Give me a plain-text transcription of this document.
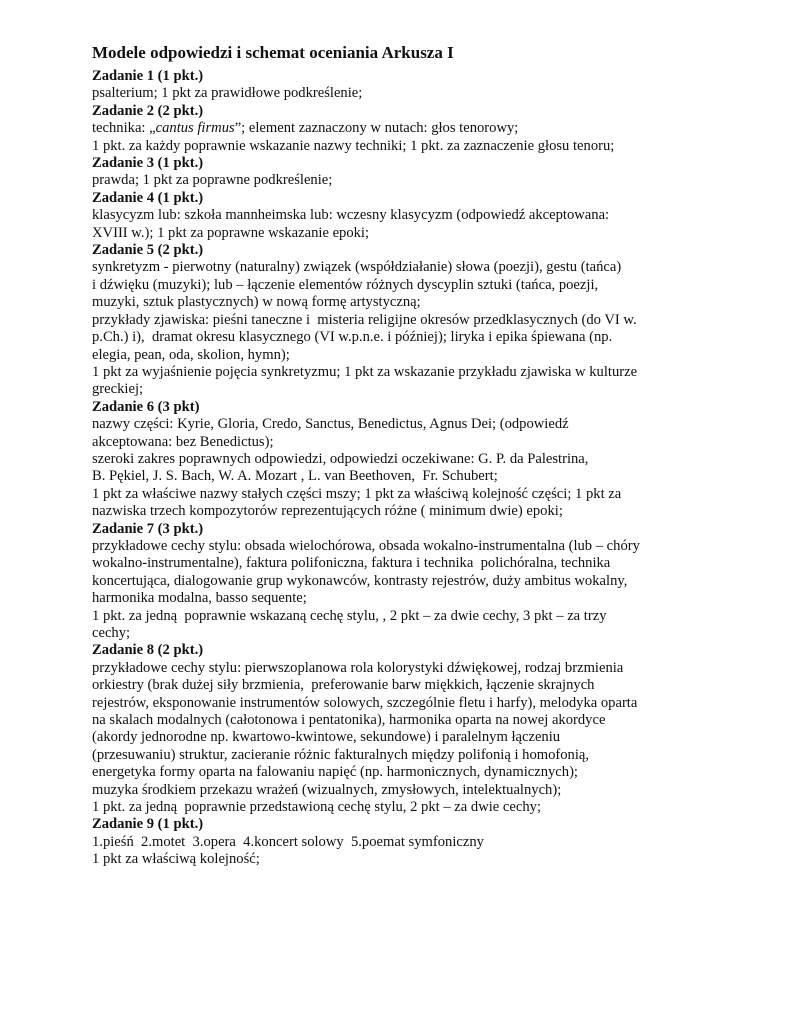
Modele odpowiedzi i schemat oceniania Arkusza I
Zadanie 1 (1 pkt.)
psalterium; 1 pkt za prawidłowe podkreślenie;
Zadanie 2 (2 pkt.)
technika: „cantus firmus”; element zaznaczony w nutach: głos tenorowy;
1 pkt. za każdy poprawnie wskazanie nazwy techniki; 1 pkt. za zaznaczenie głosu tenoru;
Zadanie 3 (1 pkt.)
prawda; 1 pkt za poprawne podkreślenie;
Zadanie 4 (1 pkt.)
klasycyzm lub: szkoła mannheimska lub: wczesny klasycyzm (odpowiedź akceptowana:
XVIII w.); 1 pkt za poprawne wskazanie epoki;
Zadanie 5 (2 pkt.)
synkretyzm - pierwotny (naturalny) związek (współdziałanie) słowa (poezji), gestu (tańca)
i dźwięku (muzyki); lub – łączenie elementów różnych dyscyplin sztuki (tańca, poezji,
muzyki, sztuk plastycznych) w nową formę artystyczną;
przykłady zjawiska: pieśni taneczne i  misteria religijne okresów przedklasycznych (do VI w.
p.Ch.) i),  dramat okresu klasycznego (VI w.p.n.e. i później); liryka i epika śpiewana (np.
elegia, pean, oda, skolion, hymn);
1 pkt za wyjaśnienie pojęcia synkretyzmu; 1 pkt za wskazanie przykładu zjawiska w kulturze
greckiej;
Zadanie 6 (3 pkt)
nazwy części: Kyrie, Gloria, Credo, Sanctus, Benedictus, Agnus Dei; (odpowiedź
akceptowana: bez Benedictus);
szeroki zakres poprawnych odpowiedzi, odpowiedzi oczekiwane: G. P. da Palestrina,
B. Pękiel, J. S. Bach, W. A. Mozart , L. van Beethoven,  Fr. Schubert;
1 pkt za właściwe nazwy stałych części mszy; 1 pkt za właściwą kolejność części; 1 pkt za
nazwiska trzech kompozytorów reprezentujących różne ( minimum dwie) epoki;
Zadanie 7 (3 pkt.)
przykładowe cechy stylu: obsada wielochórowa, obsada wokalno-instrumentalna (lub – chóry
wokalno-instrumentalne), faktura polifoniczna, faktura i technika  polichóralna, technika
koncertująca, dialogowanie grup wykonawców, kontrasty rejestrów, duży ambitus wokalny,
harmonika modalna, basso sequente;
1 pkt. za jedną  poprawnie wskazaną cechę stylu, , 2 pkt – za dwie cechy, 3 pkt – za trzy
cechy;
Zadanie 8 (2 pkt.)
przykładowe cechy stylu: pierwszoplanowa rola kolorystyki dźwiękowej, rodzaj brzmienia
orkiestry (brak dużej siły brzmienia,  preferowanie barw miękkich, łączenie skrajnych
rejestrów, eksponowanie instrumentów solowych, szczególnie fletu i harfy), melodyka oparta
na skalach modalnych (całotonowa i pentatonika), harmonika oparta na nowej akordyce
(akordy jednorodne np. kwartowo-kwintowe, sekundowe) i paralelnym łączeniu
(przesuwaniu) struktur, zacieranie różnic fakturalnych między polifonią i homofonią,
energetyka formy oparta na falowaniu napięć (np. harmonicznych, dynamicznych);
muzyka środkiem przekazu wrażeń (wizualnych, zmysłowych, intelektualnych);
1 pkt. za jedną  poprawnie przedstawioną cechę stylu, 2 pkt – za dwie cechy;
Zadanie 9 (1 pkt.)
1.pieśń  2.motet  3.opera  4.koncert solowy  5.poemat symfoniczny
1 pkt za właściwą kolejność;
